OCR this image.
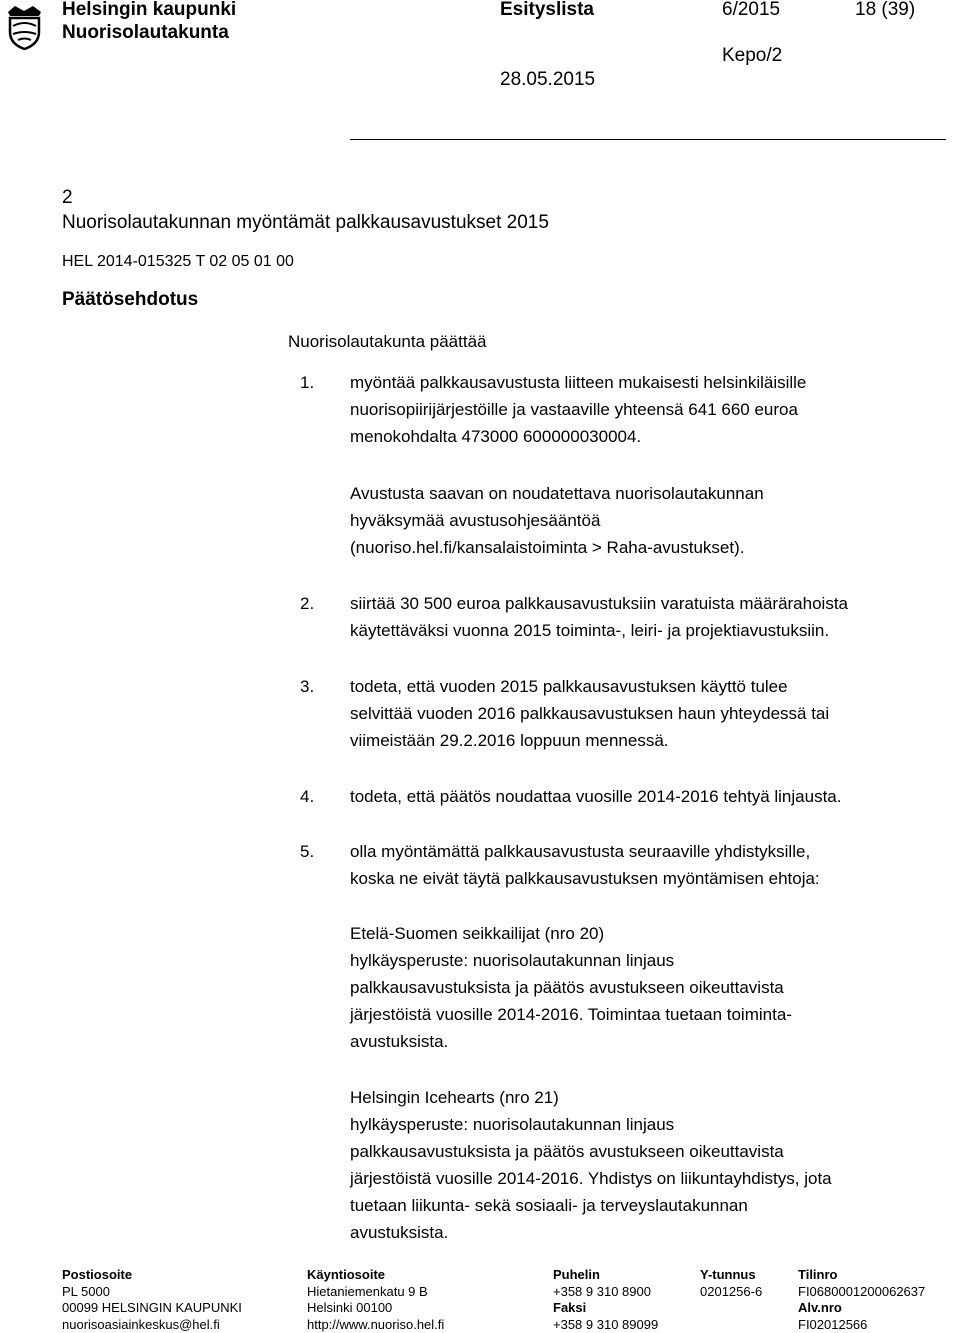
Helsingin kaupunki
Nuorisolautakunta
Esityslista	6/2015	18 (39)
28.05.2015
Kepo/2
2
Nuorisolautakunnan myöntämät palkkausavustukset 2015
HEL 2014-015325 T 02 05 01 00
Päätösehdotus
Nuorisolautakunta päättää
1. myöntää palkkausavustusta liitteen mukaisesti helsinkiläisille
nuorisopiirijärjestöille ja vastaaville yhteensä 641 660 euroa
menokohdalta 473000 600000030004.
Avustusta saavan on noudatettava nuorisolautakunnan
hyväksymää avustusohjesääntöä
(nuoriso.hel.fi/kansalaistoiminta > Raha-avustukset).
2. siirtää 30 500 euroa palkkausavustuksiin varatuista määrärahoista
käytettäväksi vuonna 2015 toiminta-, leiri- ja projektiavustuksiin.
3. todeta, että vuoden 2015 palkkausavustuksen käyttö tulee
selvittää vuoden 2016 palkkausavustuksen haun yhteydessä tai
viimeistään 29.2.2016 loppuun mennessä.
4. todeta, että päätös noudattaa vuosille 2014-2016 tehtyä linjausta.
5. olla myöntämättä palkkausavustusta seuraaville yhdistyksille,
koska ne eivät täytä palkkausavustuksen myöntämisen ehtoja:
Etelä-Suomen seikkailijat (nro 20)
hylkäysperuste: nuorisolautakunnan linjaus
palkkausavustuksista ja päätös avustukseen oikeuttavista
järjestöistä vuosille 2014-2016. Toimintaa tuetaan toiminta-
avustuksista.
Helsingin Icehearts (nro 21)
hylkäysperuste: nuorisolautakunnan linjaus
palkkausavustuksista ja päätös avustukseen oikeuttavista
järjestöistä vuosille 2014-2016. Yhdistys on liikuntayhdistys, jota
tuetaan liikunta- sekä sosiaali- ja terveyslautakunnan
avustuksista.
Postiosoite
PL 5000
00099 HELSINGIN KAUPUNKI
nuorisoasiainkeskus@hel.fi
Käyntiosoite
Hietaniemenkatu 9 B
Helsinki 00100
http://www.nuoriso.hel.fi
Puhelin
+358 9 310 8900
Faksi
+358 9 310 89099
Y-tunnus
0201256-6
Tilinro
FI0680001200062637
Alv.nro
FI02012566
